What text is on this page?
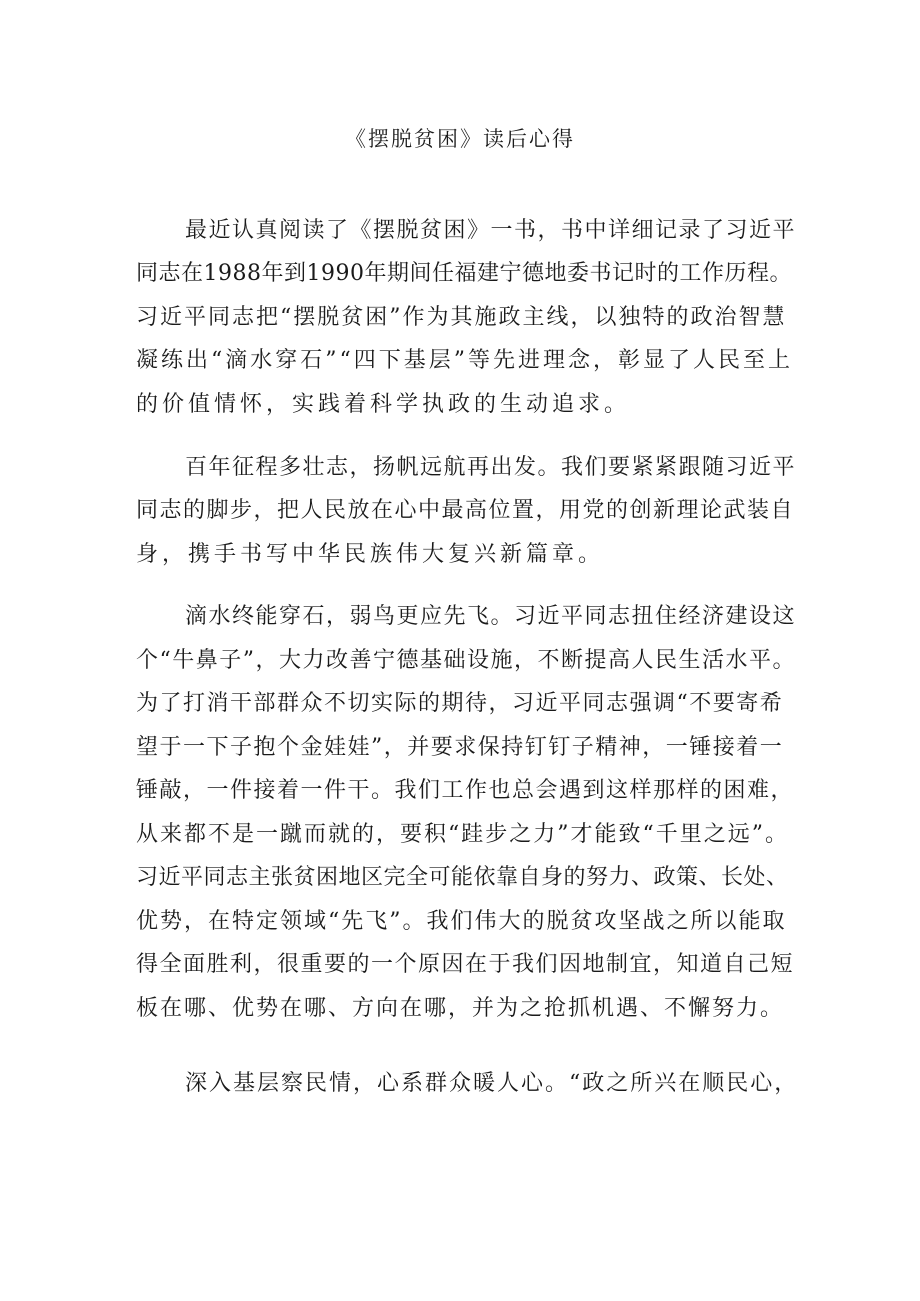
《摆脱贫困》读后心得
最近认真阅读了《摆脱贫困》一书，书中详细记录了习近平
同志在1988年到1990年期间任福建宁德地委书记时的工作历程。
习近平同志把“摆脱贫困”作为其施政主线，以独特的政治智慧
凝练出“滴水穿石”“四下基层”等先进理念，彰显了人民至上
的价值情怀，实践着科学执政的生动追求。
百年征程多壮志，扬帆远航再出发。我们要紧紧跟随习近平
同志的脚步，把人民放在心中最高位置，用党的创新理论武装自
身，携手书写中华民族伟大复兴新篇章。
滴水终能穿石，弱鸟更应先飞。习近平同志扭住经济建设这
个“牛鼻子”，大力改善宁德基础设施，不断提高人民生活水平。
为了打消干部群众不切实际的期待，习近平同志强调“不要寄希
望于一下子抱个金娃娃”，并要求保持钉钉子精神，一锤接着一
锤敲，一件接着一件干。我们工作也总会遇到这样那样的困难，
从来都不是一蹴而就的，要积“跬步之力”才能致“千里之远”。
习近平同志主张贫困地区完全可能依靠自身的努力、政策、长处、
优势，在特定领域“先飞”。我们伟大的脱贫攻坚战之所以能取
得全面胜利，很重要的一个原因在于我们因地制宜，知道自己短
板在哪、优势在哪、方向在哪，并为之抢抓机遇、不懈努力。
深入基层察民情，心系群众暖人心。“政之所兴在顺民心，
